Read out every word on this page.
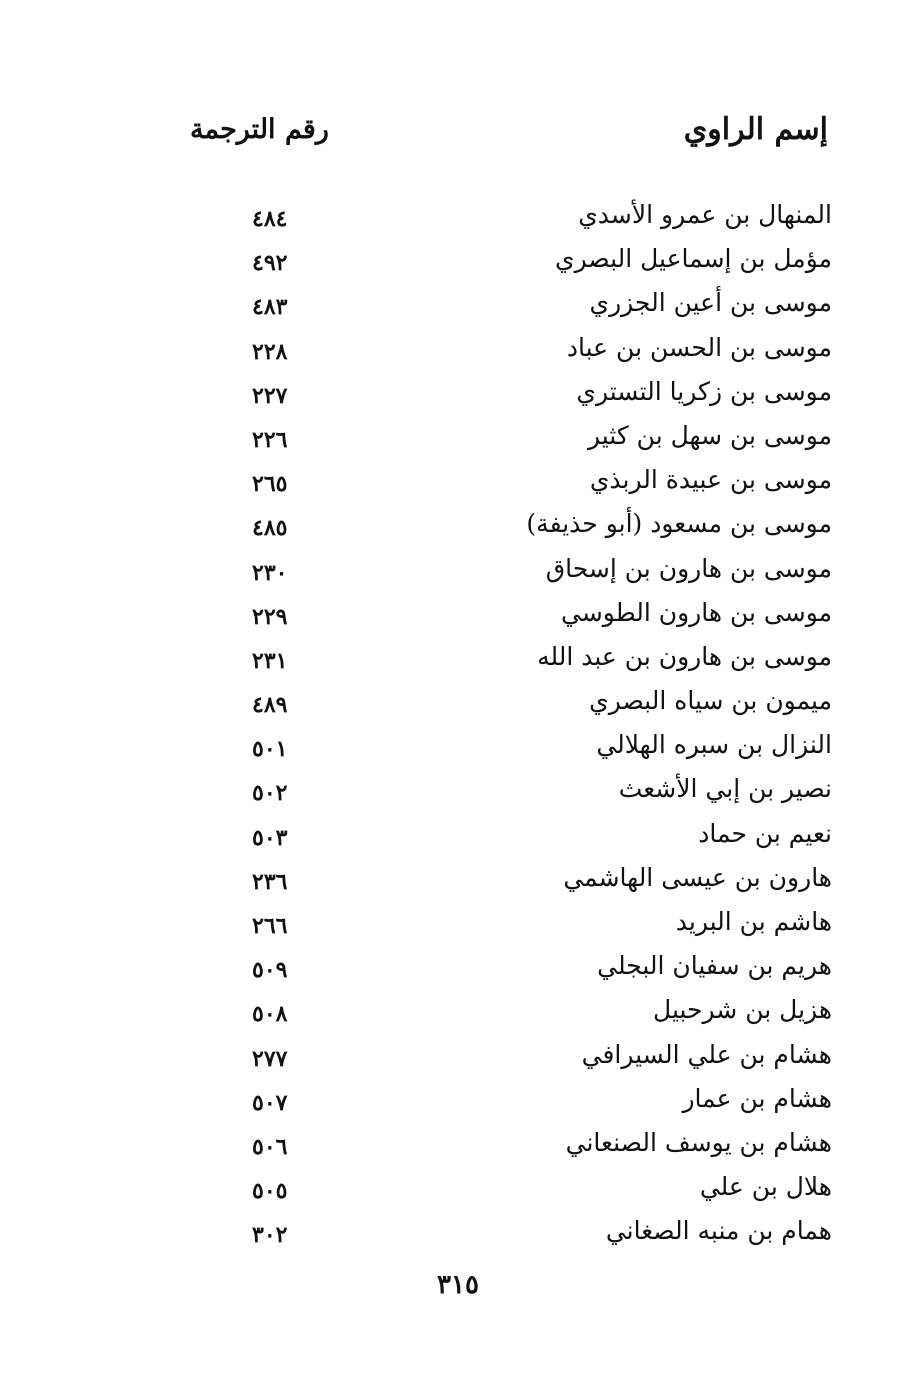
إسم الراوي
رقم الترجمة
المنهال بن عمرو الأسدي
٤٨٤
مؤمل بن إسماعيل البصري
٤٩٢
موسى بن أعين الجزري
٤٨٣
موسى بن الحسن بن عباد
٢٢٨
موسى بن زكريا التستري
٢٢٧
موسى بن سهل بن كثير
٢٢٦
موسى بن عبيدة الربذي
٢٦٥
موسى بن مسعود (أبو حذيفة)
٤٨٥
موسى بن هارون بن إسحاق
٢٣٠
موسى بن هارون الطوسي
٢٢٩
موسى بن هارون بن عبد الله
٢٣١
ميمون بن سياه البصري
٤٨٩
النزال بن سبره الهلالي
٥٠١
نصير بن إبي الأشعث
٥٠٢
نعيم بن حماد
٥٠٣
هارون بن عيسى الهاشمي
٢٣٦
هاشم بن البريد
٢٦٦
هريم بن سفيان البجلي
٥٠٩
هزيل بن شرحبيل
٥٠٨
هشام بن علي السيرافي
٢٧٧
هشام بن عمار
٥٠٧
هشام بن يوسف الصنعاني
٥٠٦
هلال بن علي
٥٠٥
همام بن منبه الصغاني
٣٠٢
٣١٥
